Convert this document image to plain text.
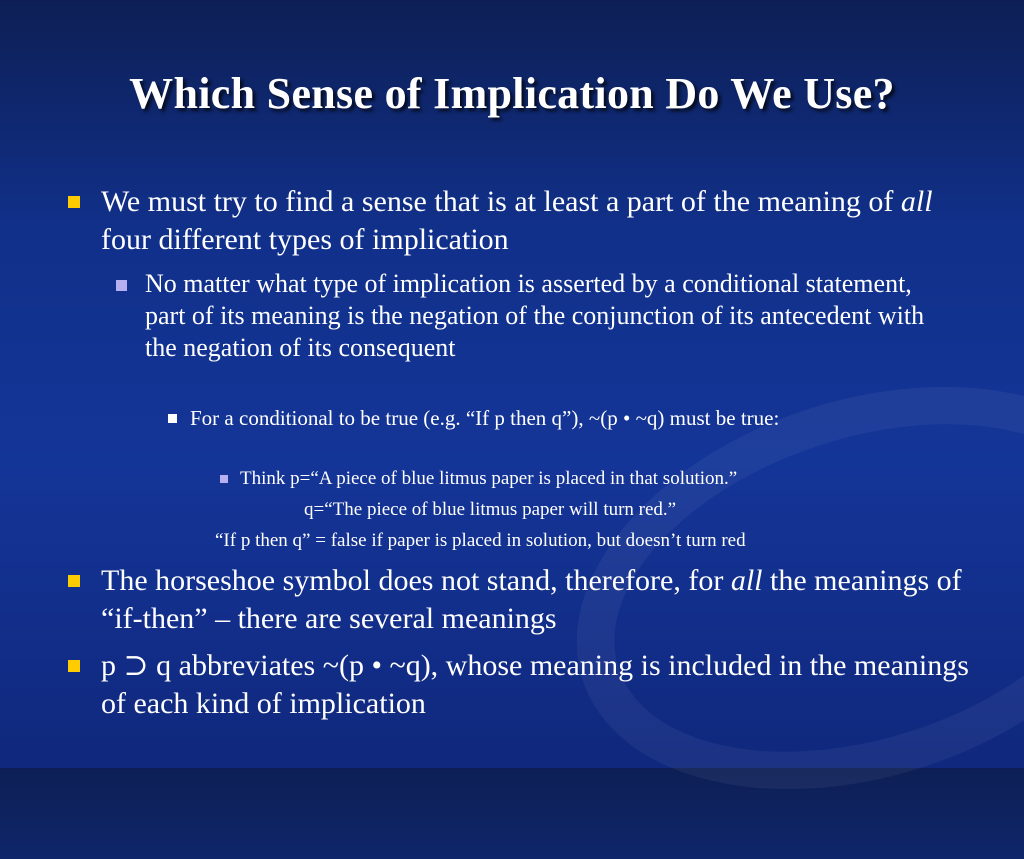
Which Sense of Implication Do We Use?
We must try to find a sense that is at least a part of the meaning of all four different types of implication
No matter what type of implication is asserted by a conditional statement, part of its meaning is the negation of the conjunction of its antecedent with the negation of its consequent
For a conditional to be true (e.g. “If p then q”), ~(p • ~q) must be true:
Think p=“A piece of blue litmus paper is placed in that solution.”
q=“The piece of blue litmus paper will turn red.”
“If p then q” = false if paper is placed in solution, but doesn’t turn red
The horseshoe symbol does not stand, therefore, for all the meanings of “if-then” – there are several meanings
p ⊃ q abbreviates ~(p • ~q), whose meaning is included in the meanings of each kind of implication
